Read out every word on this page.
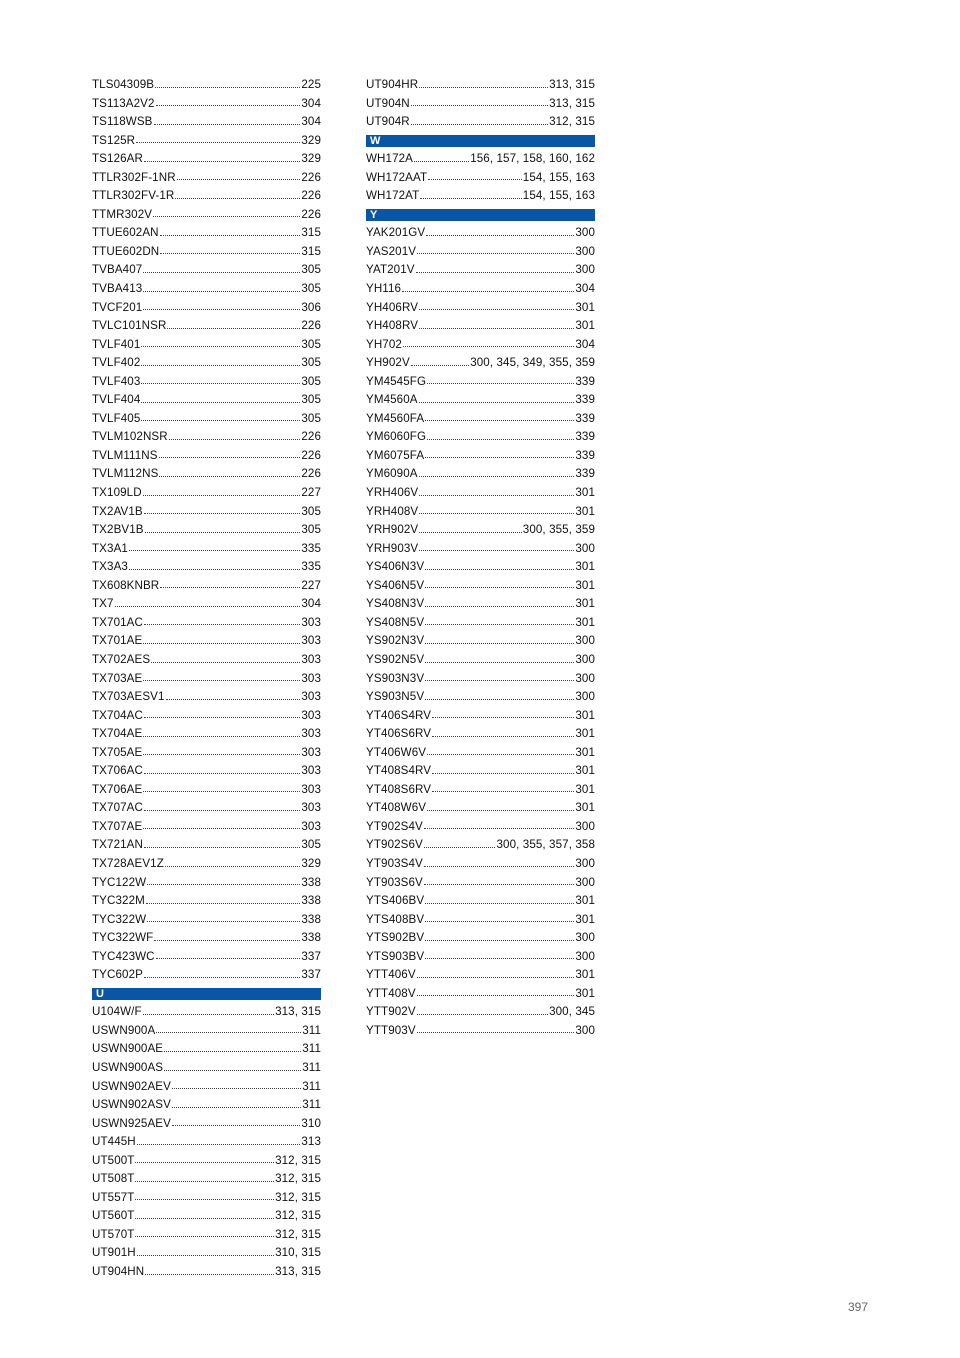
TLS04309B	225
TS113A2V2	304
TS118WSB	304
TS125R	329
TS126AR	329
TTLR302F-1NR	226
TTLR302FV-1R	226
TTMR302V	226
TTUE602AN	315
TTUE602DN	315
TVBA407	305
TVBA413	305
TVCF201	306
TVLC101NSR	226
TVLF401	305
TVLF402	305
TVLF403	305
TVLF404	305
TVLF405	305
TVLM102NSR	226
TVLM111NS	226
TVLM112NS	226
TX109LD	227
TX2AV1B	305
TX2BV1B	305
TX3A1	335
TX3A3	335
TX608KNBR	227
TX7	304
TX701AC	303
TX701AE	303
TX702AES	303
TX703AE	303
TX703AESV1	303
TX704AC	303
TX704AE	303
TX705AE	303
TX706AC	303
TX706AE	303
TX707AC	303
TX707AE	303
TX721AN	305
TX728AEV1Z	329
TYC122W	338
TYC322M	338
TYC322W	338
TYC322WF	338
TYC423WC	337
TYC602P	337
U
U104W/F	313, 315
USWN900A	311
USWN900AE	311
USWN900AS	311
USWN902AEV	311
USWN902ASV	311
USWN925AEV	310
UT445H	313
UT500T	312, 315
UT508T	312, 315
UT557T	312, 315
UT560T	312, 315
UT570T	312, 315
UT901H	310, 315
UT904HN	313, 315
UT904HR	313, 315
UT904N	313, 315
UT904R	312, 315
W
WH172A	156, 157, 158, 160, 162
WH172AAT	154, 155, 163
WH172AT	154, 155, 163
Y
YAK201GV	300
YAS201V	300
YAT201V	300
YH116	304
YH406RV	301
YH408RV	301
YH702	304
YH902V	300, 345, 349, 355, 359
YM4545FG	339
YM4560A	339
YM4560FA	339
YM6060FG	339
YM6075FA	339
YM6090A	339
YRH406V	301
YRH408V	301
YRH902V	300, 355, 359
YRH903V	300
YS406N3V	301
YS406N5V	301
YS408N3V	301
YS408N5V	301
YS902N3V	300
YS902N5V	300
YS903N3V	300
YS903N5V	300
YT406S4RV	301
YT406S6RV	301
YT406W6V	301
YT408S4RV	301
YT408S6RV	301
YT408W6V	301
YT902S4V	300
YT902S6V	300, 355, 357, 358
YT903S4V	300
YT903S6V	300
YTS406BV	301
YTS408BV	301
YTS902BV	300
YTS903BV	300
YTT406V	301
YTT408V	301
YTT902V	300, 345
YTT903V	300
397
